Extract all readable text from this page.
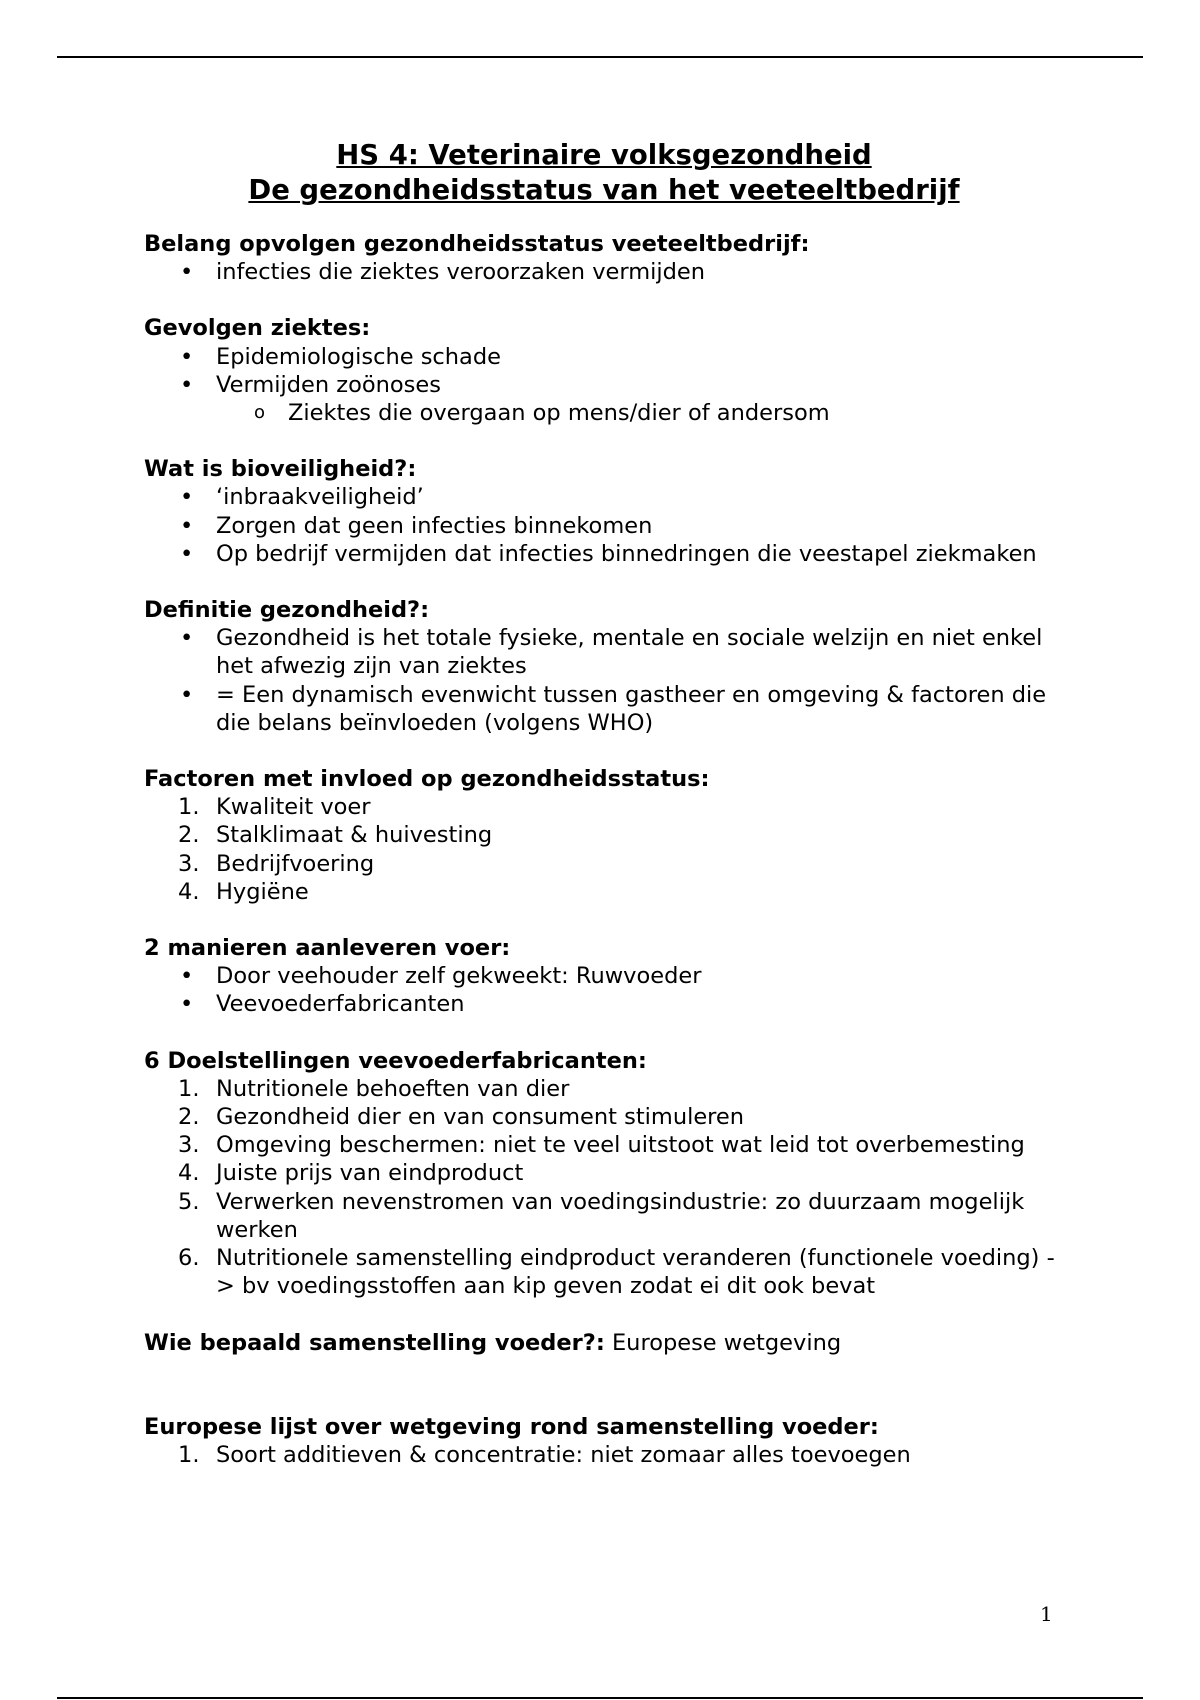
HS 4: Veterinaire volksgezondheid

De gezondheidsstatus van het veeteeltbedrijf

Belang opvolgen gezondheidsstatus veeteeltbedrijf:

• infecties die ziektes veroorzaken vermijden

Gevolgen ziektes:

• Epidemiologische schade
• Vermijden zoönoses
o Ziektes die overgaan op mens/dier of andersom

Wat is bioveiligheid?:

• ‘inbraakveiligheid’
• Zorgen dat geen infecties binnekomen
• Op bedrijf vermijden dat infecties binnedringen die veestapel ziekmaken

Definitie gezondheid?:

• Gezondheid is het totale fysieke, mentale en sociale welzijn en niet enkel het afwezig zijn van ziektes
• = Een dynamisch evenwicht tussen gastheer en omgeving & factoren die die belans beïnvloeden (volgens WHO)

Factoren met invloed op gezondheidsstatus:

1. Kwaliteit voer
2. Stalklimaat & huivesting
3. Bedrijfvoering
4. Hygiëne

2 manieren aanleveren voer:

• Door veehouder zelf gekweekt: Ruwvoeder
• Veevoederfabricanten

6 Doelstellingen veevoederfabricanten:

1. Nutritionele behoeften van dier
2. Gezondheid dier en van consument stimuleren
3. Omgeving beschermen: niet te veel uitstoot wat leid tot overbemesting
4. Juiste prijs van eindproduct
5. Verwerken nevenstromen van voedingsindustrie: zo duurzaam mogelijk werken
6. Nutritionele samenstelling eindproduct veranderen (functionele voeding) -> bv voedingsstoffen aan kip geven zodat ei dit ook bevat

Wie bepaald samenstelling voeder?: Europese wetgeving

Europese lijst over wetgeving rond samenstelling voeder:

1. Soort additieven & concentratie: niet zomaar alles toevoegen
1
